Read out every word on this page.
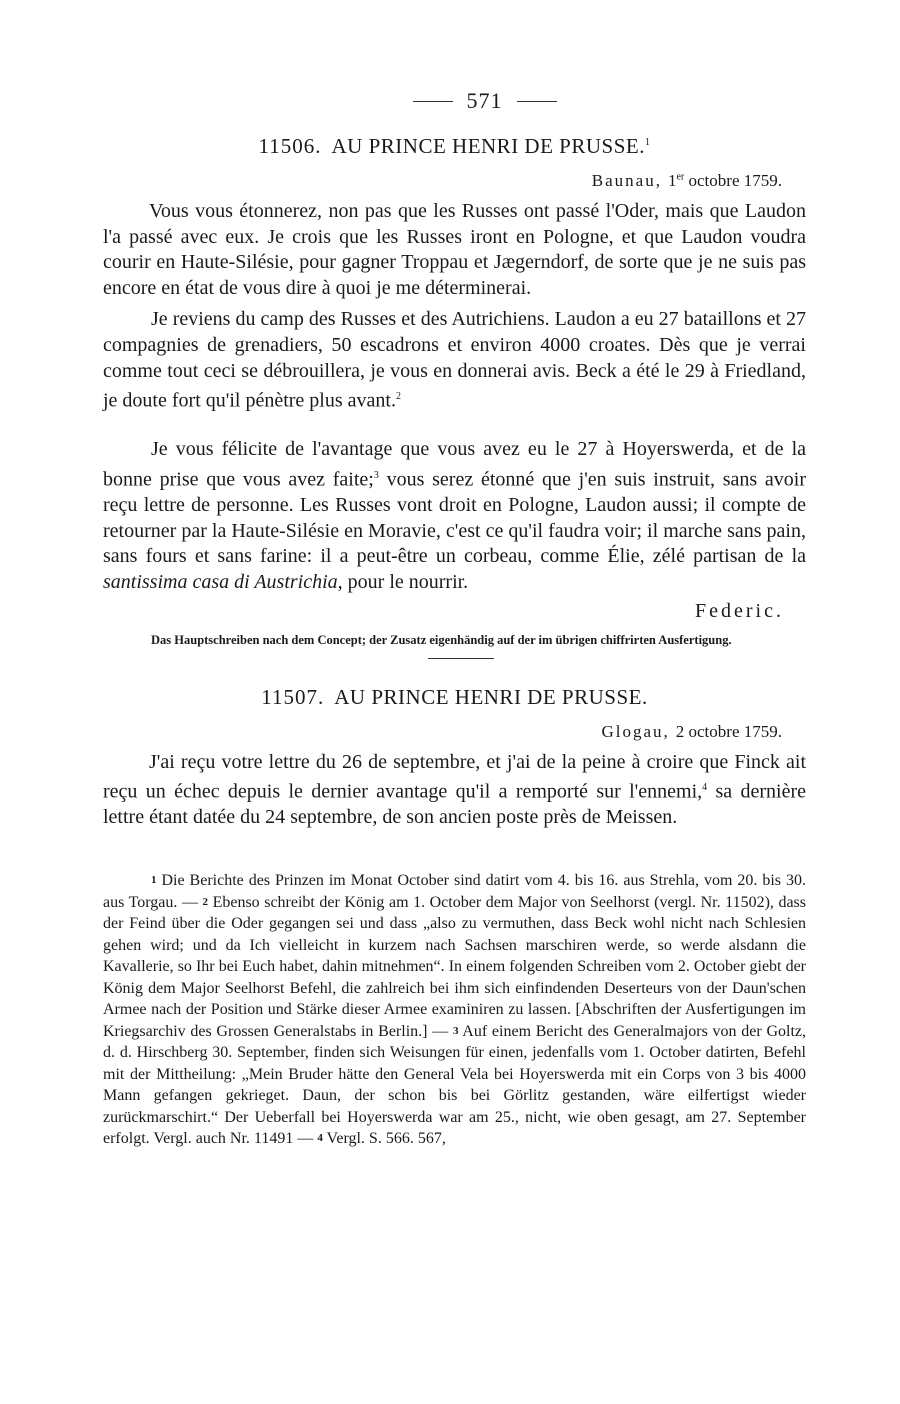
571
11506. AU PRINCE HENRI DE PRUSSE.$^1$
Baunau, 1er octobre 1759.

Vous vous étonnerez, non pas que les Russes ont passé l'Oder, mais que Laudon l'a passé avec eux. Je crois que les Russes iront en Pologne, et que Laudon voudra courir en Haute-Silésie, pour gagner Troppau et Jægerndorf, de sorte que je ne suis pas encore en état de vous dire à quoi je me déterminerai.

Je reviens du camp des Russes et des Autrichiens. Laudon a eu 27 bataillons et 27 compagnies de grenadiers, 50 escadrons et environ 4000 croates. Dès que je verrai comme tout ceci se débrouillera, je vous en donnerai avis. Beck a été le 29 à Friedland, je doute fort qu'il pénètre plus avant.$^2$

Je vous félicite de l'avantage que vous avez eu le 27 à Hoyerswerda, et de la bonne prise que vous avez faite;$^3$ vous serez étonné que j'en suis instruit, sans avoir reçu lettre de personne. Les Russes vont droit en Pologne, Laudon aussi; il compte de retourner par la Haute-Silésie en Moravie, c'est ce qu'il faudra voir; il marche sans pain, sans fours et sans farine: il a peut-être un corbeau, comme Élie, zélé partisan de la santissima casa di Austrichia, pour le nourrir.

Federic.
Das Hauptschreiben nach dem Concept; der Zusatz eigenhändig auf der im übrigen chiffrirten Ausfertigung.
11507. AU PRINCE HENRI DE PRUSSE.
Glogau, 2 octobre 1759.

J'ai reçu votre lettre du 26 de septembre, et j'ai de la peine à croire que Finck ait reçu un échec depuis le dernier avantage qu'il a remporté sur l'ennemi,$^4$ sa dernière lettre étant datée du 24 septembre, de son ancien poste près de Meissen.

1 Die Berichte des Prinzen im Monat October sind datirt vom 4. bis 16. aus Strehla, vom 20. bis 30. aus Torgau. — 2 Ebenso schreibt der König am 1. October dem Major von Seelhorst (vergl. Nr. 11502), dass der Feind über die Oder gegangen sei und dass „also zu vermuthen, dass Beck wohl nicht nach Schlesien gehen wird; und da Ich vielleicht in kurzem nach Sachsen marschiren werde, so werde alsdann die Kavallerie, so Ihr bei Euch habet, dahin mitnehmen“. In einem folgenden Schreiben vom 2. October giebt der König dem Major Seelhorst Befehl, die zahlreich bei ihm sich einfindenden Deserteurs von der Daun'schen Armee nach der Position und Stärke dieser Armee examiniren zu lassen. [Abschriften der Ausfertigungen im Kriegsarchiv des Grossen Generalstabs in Berlin.] — 3 Auf einem Bericht des Generalmajors von der Goltz, d. d. Hirschberg 30. September, finden sich Weisungen für einen, jedenfalls vom 1. October datirten, Befehl mit der Mittheilung: „Mein Bruder hätte den General Vela bei Hoyerswerda mit ein Corps von 3 bis 4000 Mann gefangen gekrieget. Daun, der schon bis bei Görlitz gestanden, wäre eilfertigst wieder zurückmarschirt.“ Der Ueberfall bei Hoyerswerda war am 25., nicht, wie oben gesagt, am 27. September erfolgt. Vergl. auch Nr. 11491 — 4 Vergl. S. 566. 567,
